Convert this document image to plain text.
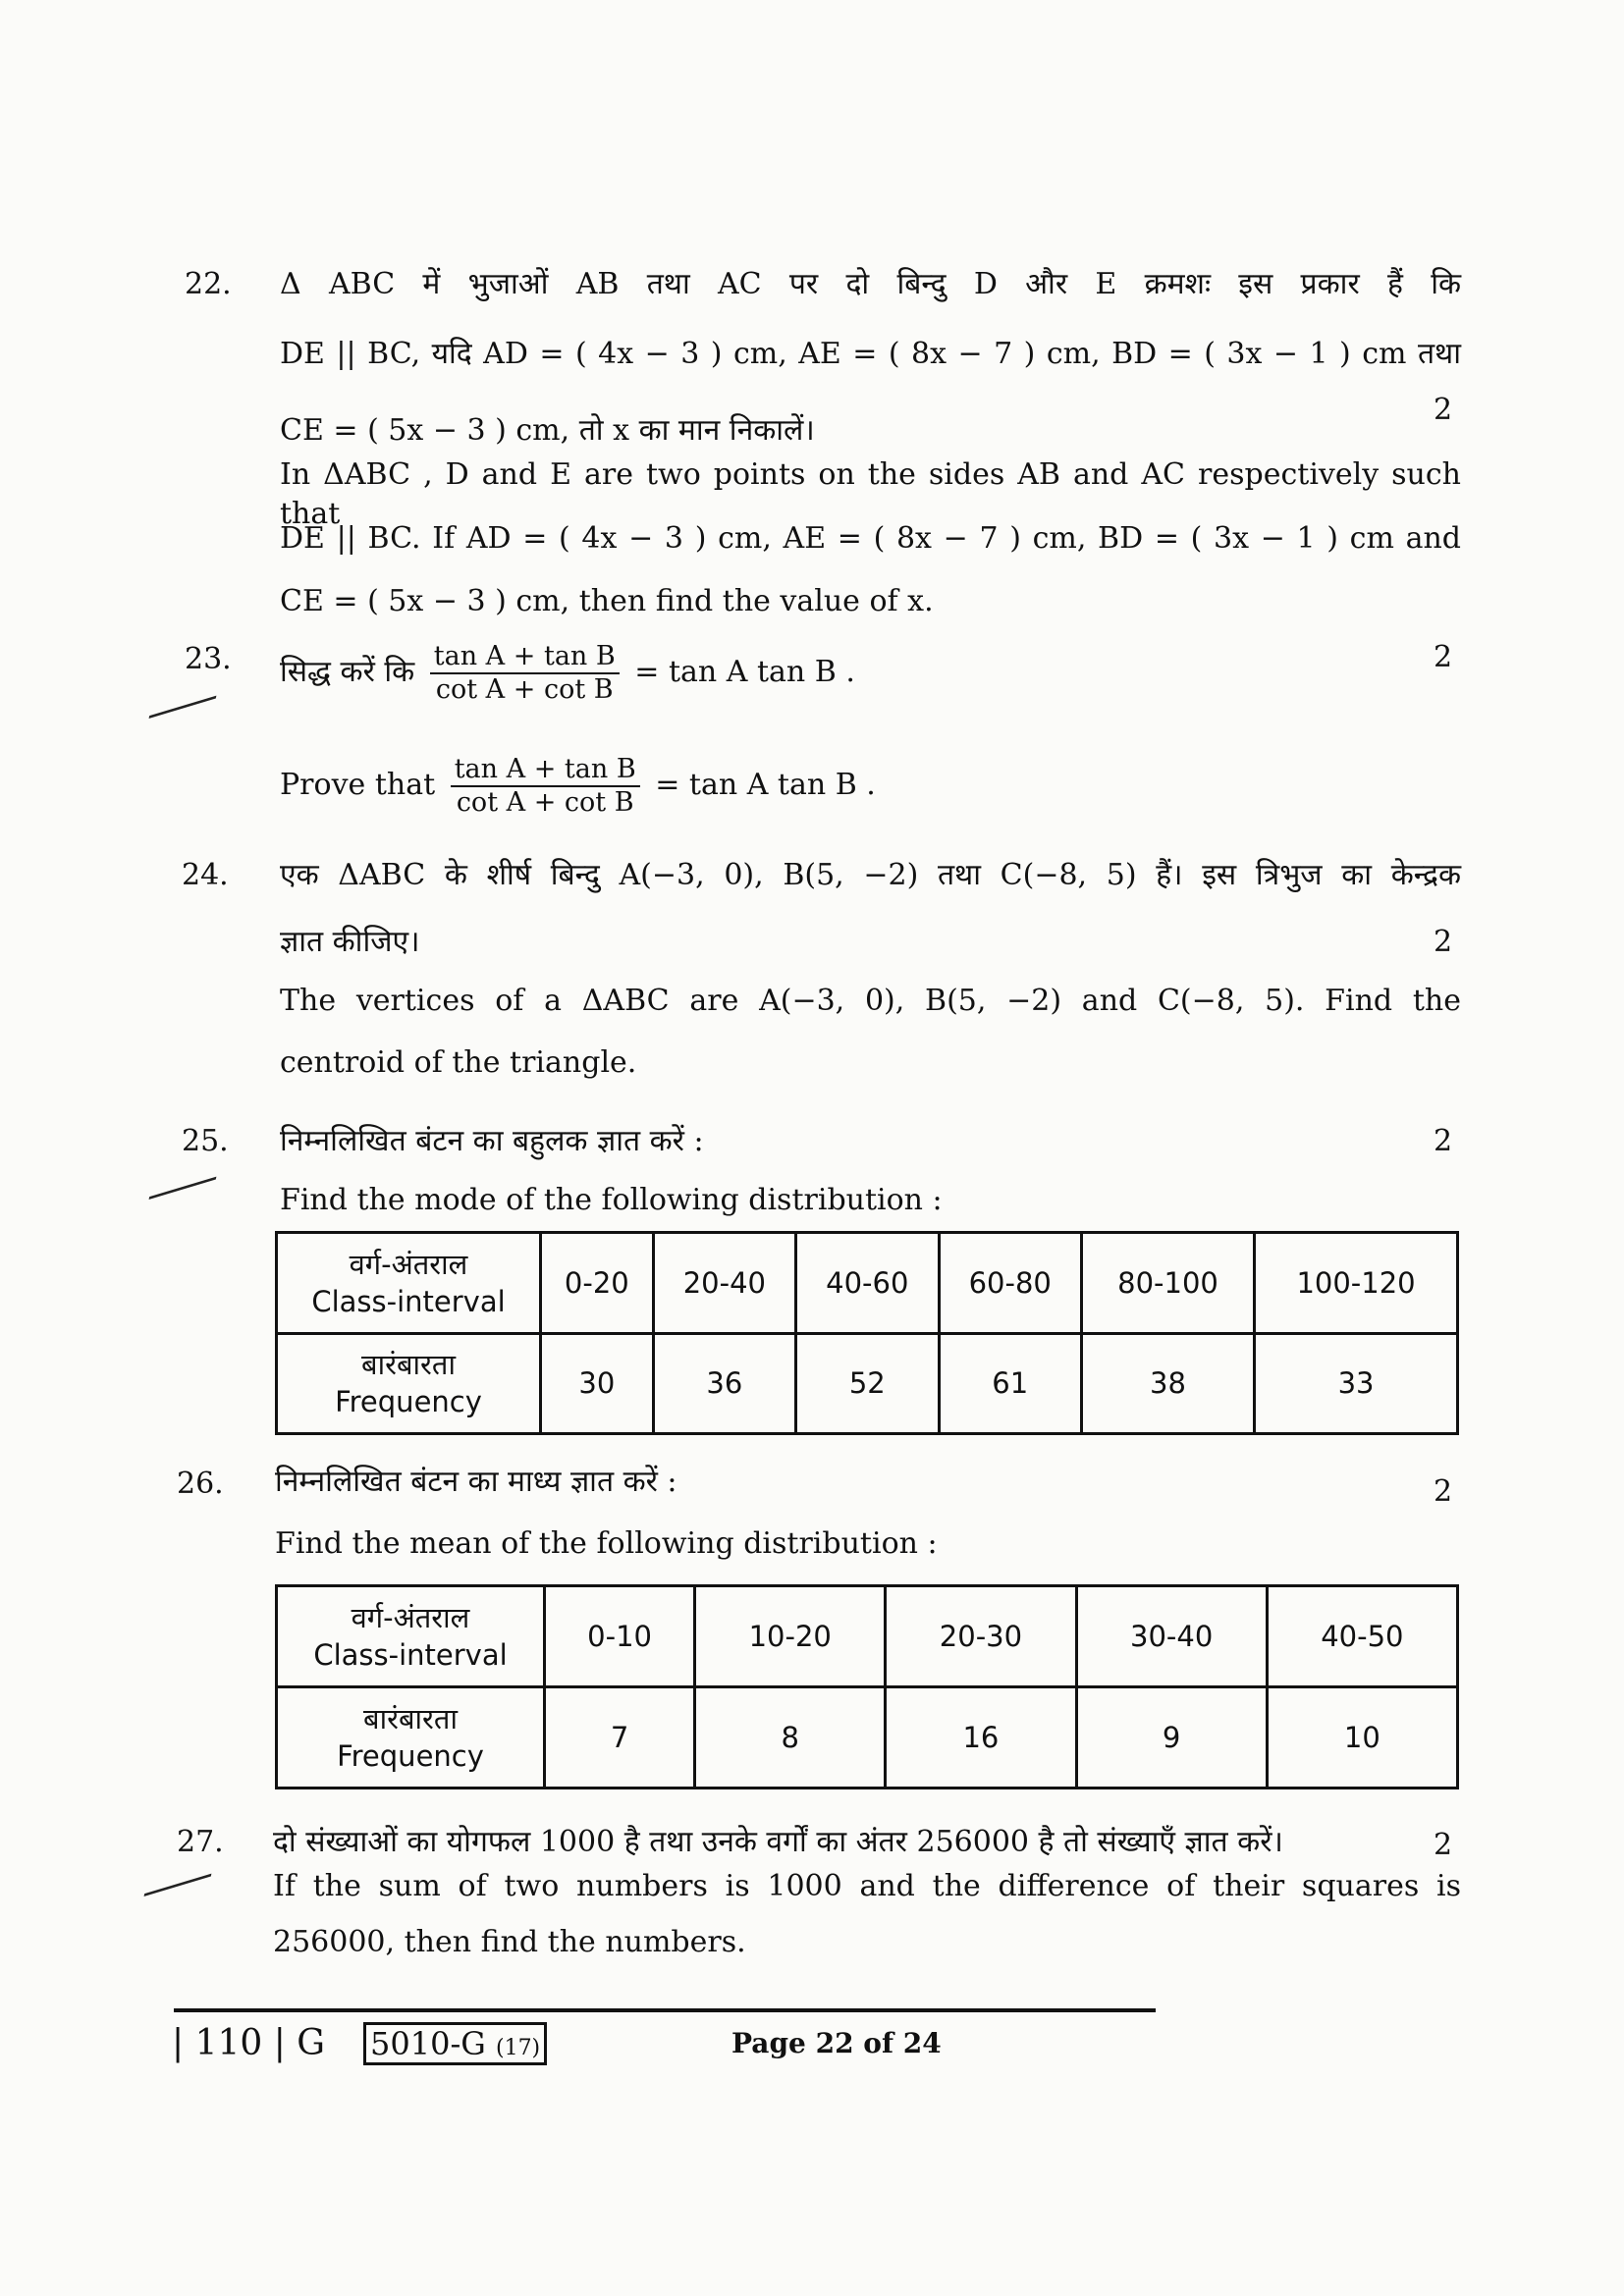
22. Δ ABC में भुजाओं AB तथा AC पर दो बिन्दु D और E क्रमशः इस प्रकार हैं कि
DE || BC, यदि AD = ( 4x − 3 ) cm, AE = ( 8x − 7 ) cm, BD = ( 3x − 1 ) cm तथा
2
CE = ( 5x − 3 ) cm, तो x का मान निकालें।
In ΔABC , D and E are two points on the sides AB and AC respectively such that
DE || BC. If AD = ( 4x − 3 ) cm, AE = ( 8x − 7 ) cm, BD = ( 3x − 1 ) cm and
CE = ( 5x − 3 ) cm, then find the value of x.
23.	2
सिद्ध करें कि $\frac{\text{tan A + tan B}}{\text{cot A + cot B}} = \tan A$ tan B .
Prove that $\frac{\text{tan A + tan B}}{\text{cot A + cot B}} = \tan A$ tan B .
24. एक ΔABC के शीर्ष बिन्दु A(−3, 0), B(5, −2) तथा C(−8, 5) हैं। इस त्रिभुज का केन्द्रक
ज्ञात कीजिए।	2
The vertices of a ΔABC are A(−3, 0), B(5, −2) and C(−8, 5). Find the
centroid of the triangle.
25. निम्नलिखित बंटन का बहुलक ज्ञात करें :	2
Find the mode of the following distribution :
वर्ग-अंतराल
Class-interval	0-20	20-40	40-60	60-80	80-100	100-120
बारंबारता
Frequency	30	36	52	61	38	33
26. निम्नलिखित बंटन का माध्य ज्ञात करें :	2
Find the mean of the following distribution :
वर्ग-अंतराल
Class-interval	0-10	10-20	20-30	30-40	40-50
बारंबारता
Frequency	7	8	16	9	10
27. दो संख्याओं का योगफल 1000 है तथा उनके वर्गों का अंतर 256000 है तो संख्याएँ ज्ञात करें।	2
If the sum of two numbers is 1000 and the difference of their squares is
256000, then find the numbers.
| 110 | G 5010-G (17)	Page 22 of 24
